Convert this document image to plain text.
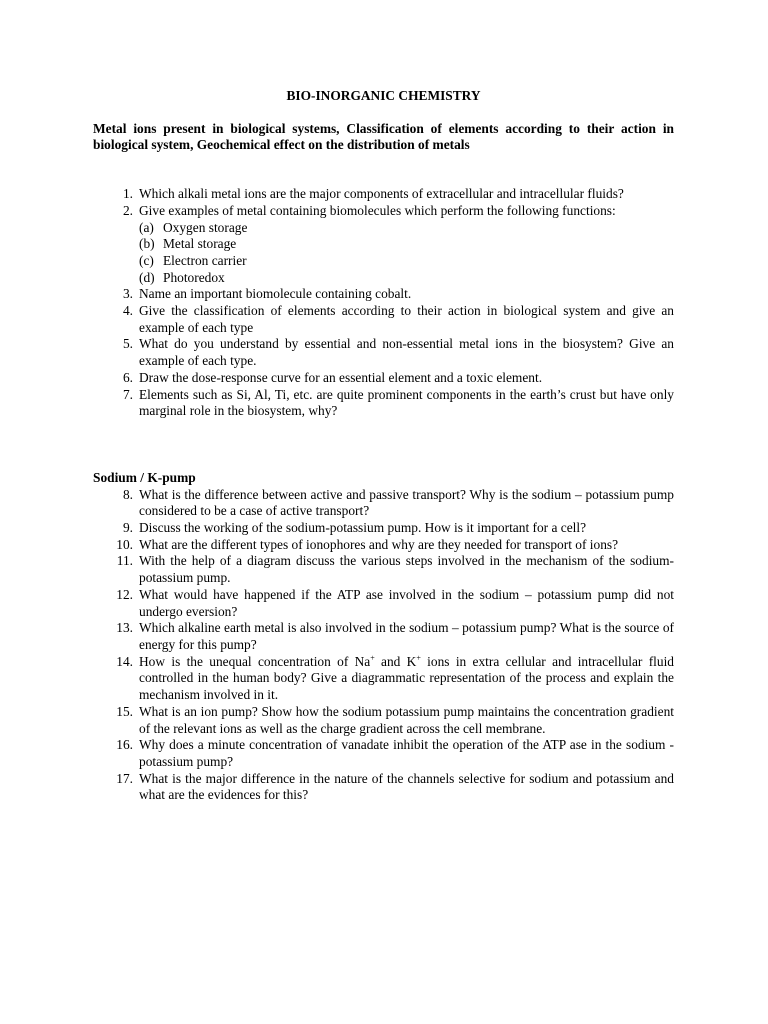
BIO-INORGANIC CHEMISTRY

Metal ions present in biological systems, Classification of elements according to their action in biological system, Geochemical effect on the distribution of metals

1. Which alkali metal ions are the major components of extracellular and intracellular fluids?
2. Give examples of metal containing biomolecules which perform the following functions:
(a) Oxygen storage
(b) Metal storage
(c) Electron carrier
(d) Photoredox
3. Name an important biomolecule containing cobalt.
4. Give the classification of elements according to their action in biological system and give an example of each type
5. What do you understand by essential and non-essential metal ions in the biosystem? Give an example of each type.
6. Draw the dose-response curve for an essential element and a toxic element.
7. Elements such as Si, Al, Ti, etc. are quite prominent components in the earth’s crust but have only marginal role in the biosystem, why?

Sodium / K-pump

8. What is the difference between active and passive transport? Why is the sodium – potassium pump considered to be a case of active transport?
9. Discuss the working of the sodium-potassium pump. How is it important for a cell?
10. What are the different types of ionophores and why are they needed for transport of ions?
11. With the help of a diagram discuss the various steps involved in the mechanism of the sodium-potassium pump.
12. What would have happened if the ATP ase involved in the sodium – potassium pump did not undergo eversion?
13. Which alkaline earth metal is also involved in the sodium – potassium pump? What is the source of energy for this pump?
14. How is the unequal concentration of Na+ and K+ ions in extra cellular and intracellular fluid controlled in the human body? Give a diagrammatic representation of the process and explain the mechanism involved in it.
15. What is an ion pump? Show how the sodium potassium pump maintains the concentration gradient of the relevant ions as well as the charge gradient across the cell membrane.
16. Why does a minute concentration of vanadate inhibit the operation of the ATP ase in the sodium - potassium pump?
17. What is the major difference in the nature of the channels selective for sodium and potassium and what are the evidences for this?
